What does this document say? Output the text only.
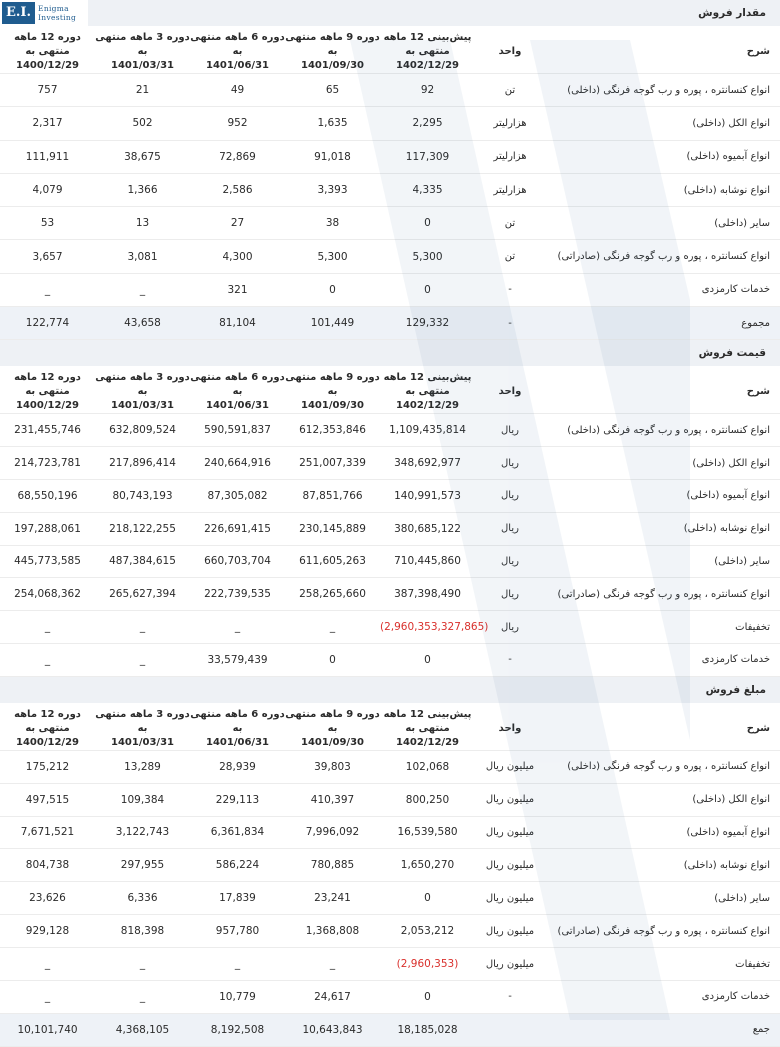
E.I. Enigma
Investing	مقدار فروش
دوره 12 ماهه منتهی به
1400/12/29	دوره 3 ماهه منتهی به
1401/03/31	دوره 6 ماهه منتهی به
1401/06/31	دوره 9 ماهه منتهی به
1401/09/30	پیش‌بینی 12 ماهه منتهی به
1402/12/29	واحد	شرح
757	21	49	65	92	تن	انواع کنسانتره ، پوره و رب گوجه فرنگی (داخلی)
2,317	502	952	1,635	2,295	هزارلیتر	انواع الکل (داخلی)
111,911	38,675	72,869	91,018	117,309	هزارلیتر	انواع آبمیوه (داخلی)
4,079	1,366	2,586	3,393	4,335	هزارلیتر	انواع نوشابه (داخلی)
53	13	27	38	0	تن	سایر (داخلی)
3,657	3,081	4,300	5,300	5,300	تن	انواع کنسانتره ، پوره و رب گوجه فرنگی (صادراتی)
_	_	321	0	0	-	خدمات کارمزدی
122,774	43,658	81,104	101,449	129,332	-	مجموع
قیمت فروش
دوره 12 ماهه منتهی به
1400/12/29	دوره 3 ماهه منتهی به
1401/03/31	دوره 6 ماهه منتهی به
1401/06/31	دوره 9 ماهه منتهی به
1401/09/30	پیش‌بینی 12 ماهه منتهی به
1402/12/29	واحد	شرح
231,455,746	632,809,524	590,591,837	612,353,846	1,109,435,814	ریال	انواع کنسانتره ، پوره و رب گوجه فرنگی (داخلی)
214,723,781	217,896,414	240,664,916	251,007,339	348,692,977	ریال	انواع الکل (داخلی)
68,550,196	80,743,193	87,305,082	87,851,766	140,991,573	ریال	انواع آبمیوه (داخلی)
197,288,061	218,122,255	226,691,415	230,145,889	380,685,122	ریال	انواع نوشابه (داخلی)
445,773,585	487,384,615	660,703,704	611,605,263	710,445,860	ریال	سایر (داخلی)
254,068,362	265,627,394	222,739,535	258,265,660	387,398,490	ریال	انواع کنسانتره ، پوره و رب گوجه فرنگی (صادراتی)
_	_	_	_	(2,960,353,327,865)	ریال	تخفیفات
_	_	33,579,439	0	0	-	خدمات کارمزدی
مبلغ فروش
دوره 12 ماهه منتهی به
1400/12/29	دوره 3 ماهه منتهی به
1401/03/31	دوره 6 ماهه منتهی به
1401/06/31	دوره 9 ماهه منتهی به
1401/09/30	پیش‌بینی 12 ماهه منتهی به
1402/12/29	واحد	شرح
175,212	13,289	28,939	39,803	102,068	میلیون ریال	انواع کنسانتره ، پوره و رب گوجه فرنگی (داخلی)
497,515	109,384	229,113	410,397	800,250	میلیون ریال	انواع الکل (داخلی)
7,671,521	3,122,743	6,361,834	7,996,092	16,539,580	میلیون ریال	انواع آبمیوه (داخلی)
804,738	297,955	586,224	780,885	1,650,270	میلیون ریال	انواع نوشابه (داخلی)
23,626	6,336	17,839	23,241	0	میلیون ریال	سایر (داخلی)
929,128	818,398	957,780	1,368,808	2,053,212	میلیون ریال	انواع کنسانتره ، پوره و رب گوجه فرنگی (صادراتی)
_	_	_	_	(2,960,353)	میلیون ریال	تخفیفات
_	_	10,779	24,617	0	-	خدمات کارمزدی
10,101,740	4,368,105	8,192,508	10,643,843	18,185,028		جمع
